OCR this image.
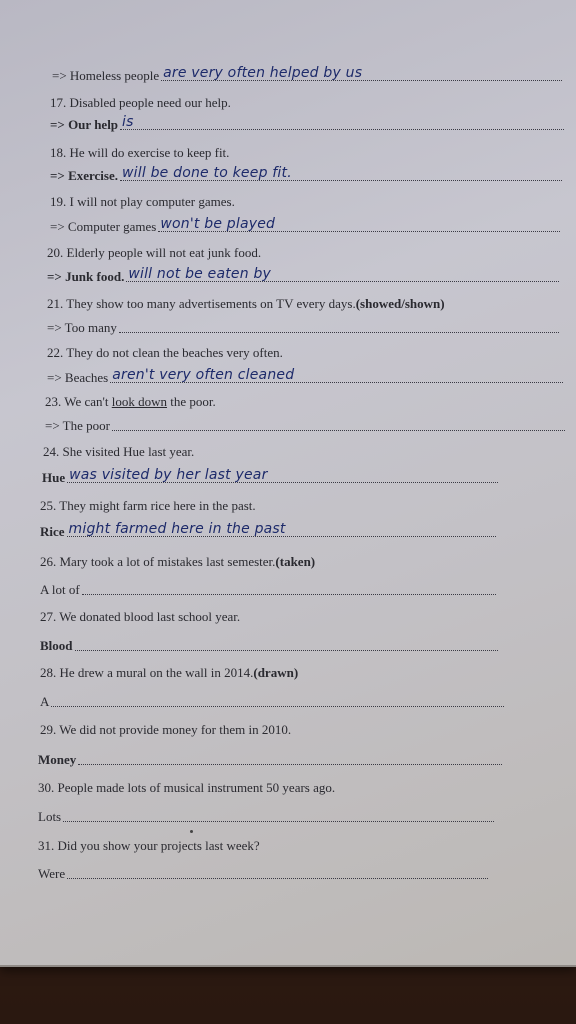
=> Homeless people are very often helped by us
17. Disabled people need our help.
=> Our help is
18. He will do exercise to keep fit.
=> Exercise. will be done to keep fit.
19. I will not play computer games.
=> Computer games won't be played
20. Elderly people will not eat junk food.
=> Junk food. will not be eaten by
21. They show too many advertisements on TV every days.(showed/shown)
=> Too many
22. They do not clean the beaches very often.
=> Beaches aren't very often cleaned
23. We can't look down the poor.
=> The poor
24. She visited Hue last year.
Hue was visited by her last year
25. They might farm rice here in the past.
Rice might farmed here in the past
26. Mary took a lot of mistakes last semester.(taken)
A lot of
27. We donated blood last school year.
Blood
28. He drew a mural on the wall in 2014.(drawn)
A
29. We did not provide money for them in 2010.
Money
30. People made lots of musical instrument 50 years ago.
Lots
31. Did you show your projects last week?
Were
